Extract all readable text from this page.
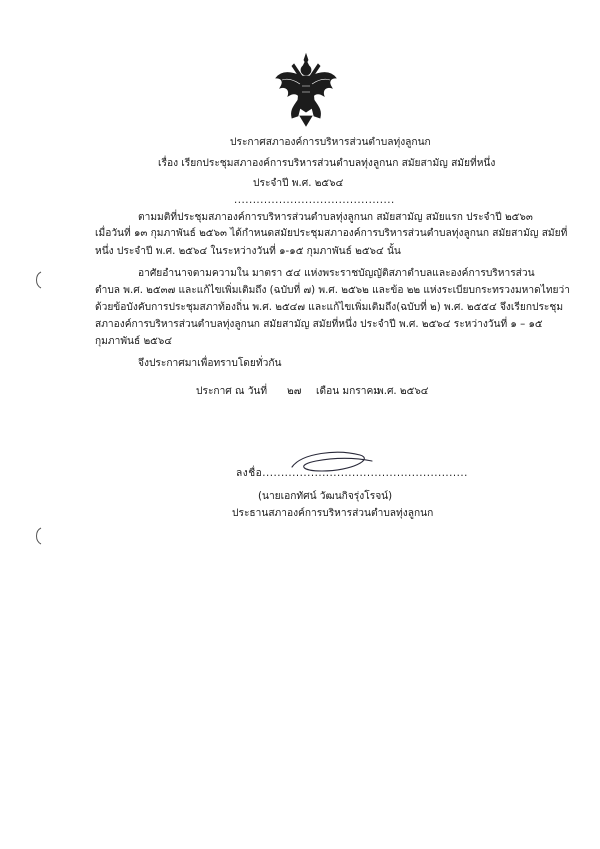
ประกาศสภาองค์การบริหารส่วนตำบลทุ่งลูกนก
เรื่อง เรียกประชุมสภาองค์การบริหารส่วนตำบลทุ่งลูกนก สมัยสามัญ สมัยที่หนึ่ง
ประจำปี พ.ศ. ๒๕๖๔
...........................................
ตามมติที่ประชุมสภาองค์การบริหารส่วนตำบลทุ่งลูกนก สมัยสามัญ สมัยแรก ประจำปี ๒๕๖๓
เมื่อวันที่ ๑๓ กุมภาพันธ์ ๒๕๖๓ ได้กำหนดสมัยประชุมสภาองค์การบริหารส่วนตำบลทุ่งลูกนก สมัยสามัญ สมัยที่
หนึ่ง ประจำปี พ.ศ. ๒๕๖๔ ในระหว่างวันที่ ๑-๑๕ กุมภาพันธ์ ๒๕๖๔ นั้น
อาศัยอำนาจตามความใน มาตรา ๕๔ แห่งพระราชบัญญัติสภาตำบลและองค์การบริหารส่วน
ตำบล พ.ศ. ๒๕๓๗ และแก้ไขเพิ่มเติมถึง (ฉบับที่ ๗) พ.ศ. ๒๕๖๒ และข้อ ๒๒ แห่งระเบียบกระทรวงมหาดไทยว่า
ด้วยข้อบังคับการประชุมสภาท้องถิ่น พ.ศ. ๒๕๔๗ และแก้ไขเพิ่มเติมถึง(ฉบับที่ ๒) พ.ศ. ๒๕๕๔ จึงเรียกประชุม
สภาองค์การบริหารส่วนตำบลทุ่งลูกนก สมัยสามัญ สมัยที่หนึ่ง ประจำปี พ.ศ. ๒๕๖๔ ระหว่างวันที่ ๑ – ๑๕
กุมภาพันธ์ ๒๕๖๔
จึงประกาศมาเพื่อทราบโดยทั่วกัน
ประกาศ ณ วันที่ ๒๗ เดือน มกราคม
พ.ศ. ๒๕๖๔
ลงชื่อ.......................................................
(นายเอกทัศน์ วัฒนกิจรุ่งโรจน์)
ประธานสภาองค์การบริหารส่วนตำบลทุ่งลูกนก
